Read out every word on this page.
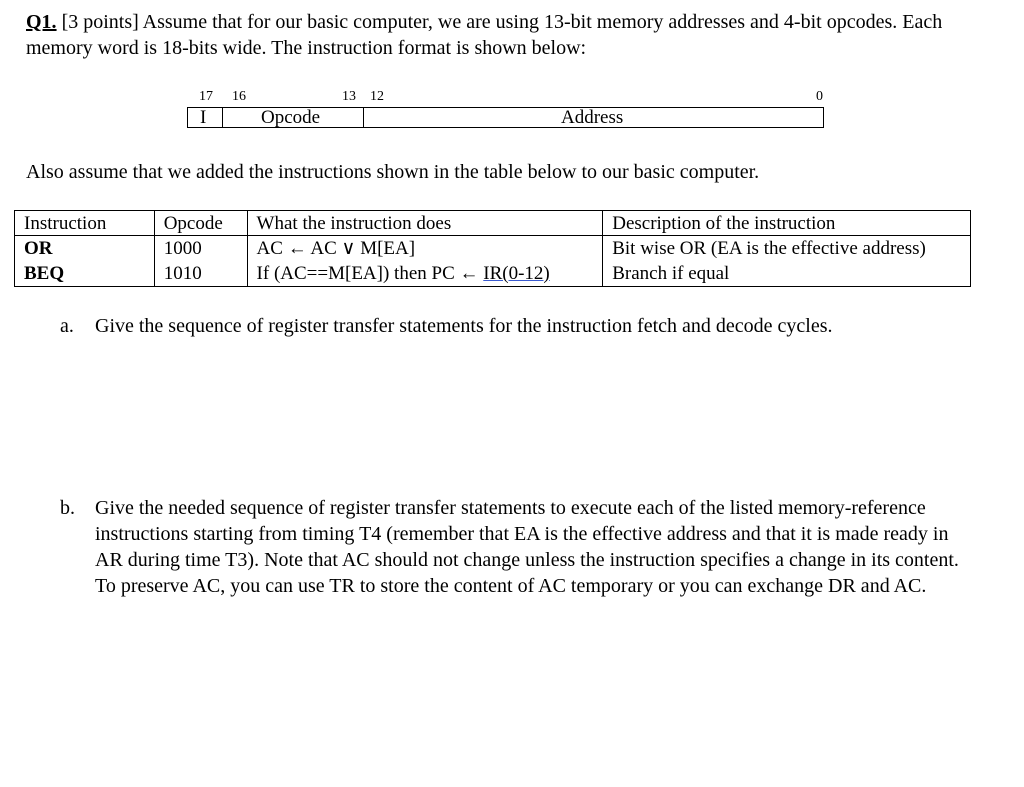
Q1. [3 points] Assume that for our basic computer, we are using 13-bit memory addresses and 4-bit opcodes. Each memory word is 18-bits wide. The instruction format is shown below:
17 16	13 12	0
I	Opcode	Address
Also assume that we added the instructions shown in the table below to our basic computer.
Instruction	Opcode	What the instruction does	Description of the instruction
OR	1000	AC ← AC ∨ M[EA]	Bit wise OR (EA is the effective address)
BEQ	1010	If (AC==M[EA]) then PC ← IR(0-12)	Branch if equal
a. Give the sequence of register transfer statements for the instruction fetch and decode cycles.
b. Give the needed sequence of register transfer statements to execute each of the listed memory-reference instructions starting from timing T4 (remember that EA is the effective address and that it is made ready in AR during time T3). Note that AC should not change unless the instruction specifies a change in its content. To preserve AC, you can use TR to store the content of AC temporary or you can exchange DR and AC.
